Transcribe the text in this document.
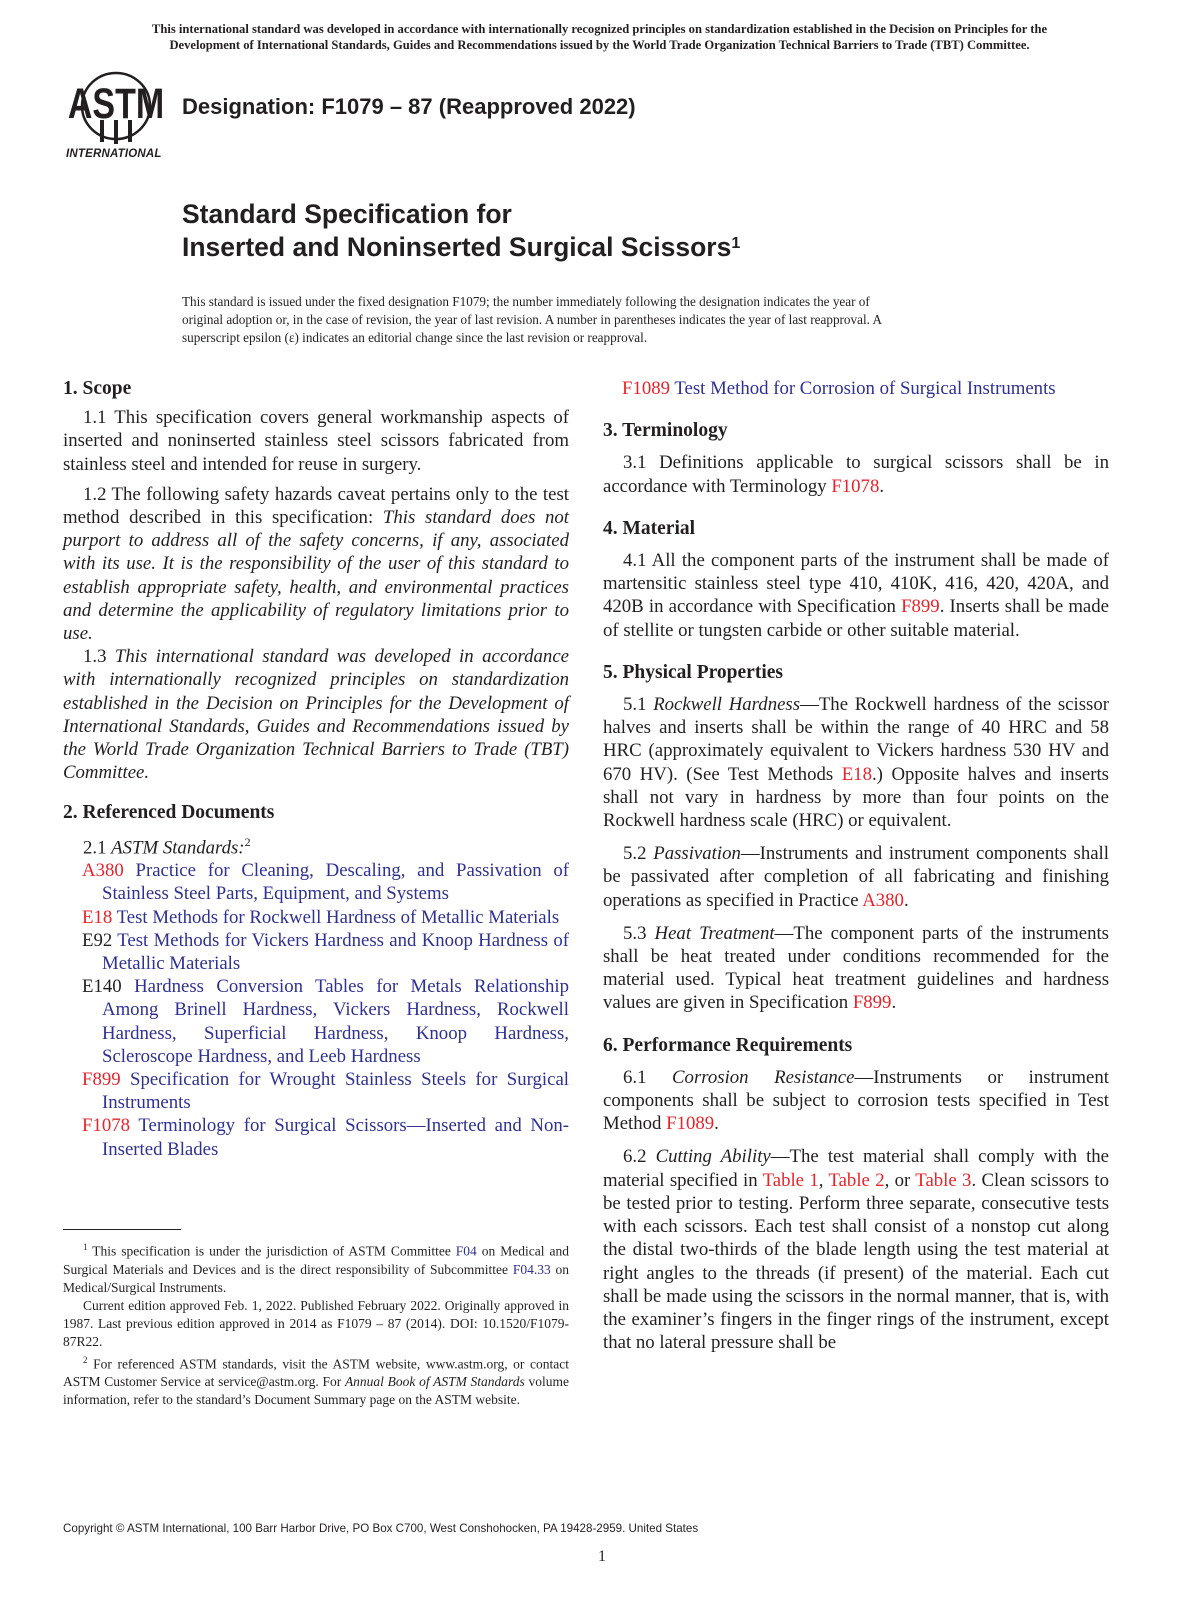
This international standard was developed in accordance with internationally recognized principles on standardization established in the Decision on Principles for the
Development of International Standards, Guides and Recommendations issued by the World Trade Organization Technical Barriers to Trade (TBT) Committee.
ASTM
INTERNATIONAL
Designation: F1079 – 87 (Reapproved 2022)
Standard Specification for
Inserted and Noninserted Surgical Scissors$^1$
This standard is issued under the fixed designation F1079; the number immediately following the designation indicates the year of
original adoption or, in the case of revision, the year of last revision. A number in parentheses indicates the year of last reapproval. A
superscript epsilon (ε) indicates an editorial change since the last revision or reapproval.

1. Scope

1.1 This specification covers general workmanship aspects of inserted and noninserted stainless steel scissors fabricated from stainless steel and intended for reuse in surgery.

1.2 The following safety hazards caveat pertains only to the test method described in this specification: This standard does not purport to address all of the safety concerns, if any, associated with its use. It is the responsibility of the user of this standard to establish appropriate safety, health, and environmental practices and determine the applicability of regulatory limitations prior to use.

1.3 This international standard was developed in accordance with internationally recognized principles on standardization established in the Decision on Principles for the Development of International Standards, Guides and Recommendations issued by the World Trade Organization Technical Barriers to Trade (TBT) Committee.

2. Referenced Documents

2.1 ASTM Standards:$^2$

A380 Practice for Cleaning, Descaling, and Passivation of Stainless Steel Parts, Equipment, and Systems

E18 Test Methods for Rockwell Hardness of Metallic Materials

E92 Test Methods for Vickers Hardness and Knoop Hardness of Metallic Materials

E140 Hardness Conversion Tables for Metals Relationship Among Brinell Hardness, Vickers Hardness, Rockwell Hardness, Superficial Hardness, Knoop Hardness, Scleroscope Hardness, and Leeb Hardness

F899 Specification for Wrought Stainless Steels for Surgical Instruments

F1078 Terminology for Surgical Scissors—Inserted and Non-Inserted Blades

$^1$ This specification is under the jurisdiction of ASTM Committee F04 on Medical and Surgical Materials and Devices and is the direct responsibility of Subcommittee F04.33 on Medical/Surgical Instruments.

Current edition approved Feb. 1, 2022. Published February 2022. Originally approved in 1987. Last previous edition approved in 2014 as F1079 – 87 (2014). DOI: 10.1520/F1079-87R22.

$^2$ For referenced ASTM standards, visit the ASTM website, www.astm.org, or contact ASTM Customer Service at service@astm.org. For Annual Book of ASTM Standards volume information, refer to the standard’s Document Summary page on the ASTM website.

F1089 Test Method for Corrosion of Surgical Instruments

3. Terminology

3.1 Definitions applicable to surgical scissors shall be in accordance with Terminology F1078.

4. Material

4.1 All the component parts of the instrument shall be made of martensitic stainless steel type 410, 410K, 416, 420, 420A, and 420B in accordance with Specification F899. Inserts shall be made of stellite or tungsten carbide or other suitable material.

5. Physical Properties

5.1 Rockwell Hardness—The Rockwell hardness of the scissor halves and inserts shall be within the range of 40 HRC and 58 HRC (approximately equivalent to Vickers hardness 530 HV and 670 HV). (See Test Methods E18.) Opposite halves and inserts shall not vary in hardness by more than four points on the Rockwell hardness scale (HRC) or equivalent.

5.2 Passivation—Instruments and instrument components shall be passivated after completion of all fabricating and finishing operations as specified in Practice A380.

5.3 Heat Treatment—The component parts of the instruments shall be heat treated under conditions recommended for the material used. Typical heat treatment guidelines and hardness values are given in Specification F899.

6. Performance Requirements

6.1 Corrosion Resistance—Instruments or instrument components shall be subject to corrosion tests specified in Test Method F1089.

6.2 Cutting Ability—The test material shall comply with the material specified in Table 1, Table 2, or Table 3. Clean scissors to be tested prior to testing. Perform three separate, consecutive tests with each scissors. Each test shall consist of a nonstop cut along the distal two-thirds of the blade length using the test material at right angles to the threads (if present) of the material. Each cut shall be made using the scissors in the normal manner, that is, with the examiner’s fingers in the finger rings of the instrument, except that no lateral pressure shall be

Copyright © ASTM International, 100 Barr Harbor Drive, PO Box C700, West Conshohocken, PA 19428-2959. United States
1
